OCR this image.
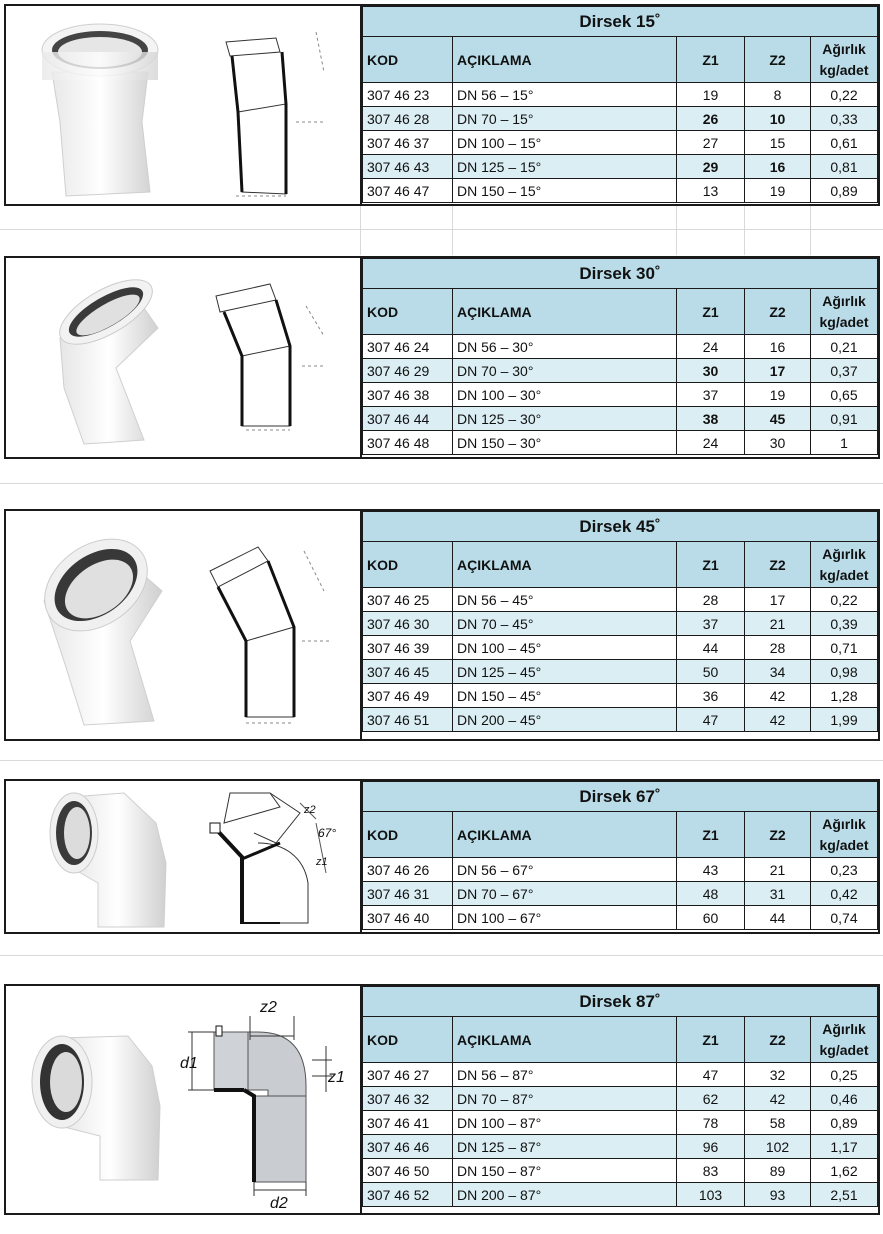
Dirsek 15˚				
KOD	AÇIKLAMA	Z1	Z2	Ağırlık
kg/adet
307 46 23	DN 56 – 15°	19	8	0,22
307 46 28	DN 70 – 15°	26	10	0,33
307 46 37	DN 100 – 15°	27	15	0,61
307 46 43	DN 125 – 15°	29	16	0,81
307 46 47	DN 150 – 15°	13	19	0,89
Dirsek 30˚				
KOD	AÇIKLAMA	Z1	Z2	Ağırlık
kg/adet
307 46 24	DN 56 – 30°	24	16	0,21
307 46 29	DN 70 – 30°	30	17	0,37
307 46 38	DN 100 – 30°	37	19	0,65
307 46 44	DN 125 – 30°	38	45	0,91
307 46 48	DN 150 – 30°	24	30	1
Dirsek 45˚				
KOD	AÇIKLAMA	Z1	Z2	Ağırlık
kg/adet
307 46 25	DN 56 – 45°	28	17	0,22
307 46 30	DN 70 – 45°	37	21	0,39
307 46 39	DN 100 – 45°	44	28	0,71
307 46 45	DN 125 – 45°	50	34	0,98
307 46 49	DN 150 – 45°	36	42	1,28
307 46 51	DN 200 – 45°	47	42	1,99
67°
z2
z1
Dirsek 67˚				
KOD	AÇIKLAMA	Z1	Z2	Ağırlık
kg/adet
307 46 26	DN 56 – 67°	43	21	0,23
307 46 31	DN 70 – 67°	48	31	0,42
307 46 40	DN 100 – 67°	60	44	0,74
z2
z1
d1
d2
Dirsek 87˚				
KOD	AÇIKLAMA	Z1	Z2	Ağırlık
kg/adet
307 46 27	DN 56 – 87°	47	32	0,25
307 46 32	DN 70 – 87°	62	42	0,46
307 46 41	DN 100 – 87°	78	58	0,89
307 46 46	DN 125 – 87°	96	102	1,17
307 46 50	DN 150 – 87°	83	89	1,62
307 46 52	DN 200 – 87°	103	93	2,51
